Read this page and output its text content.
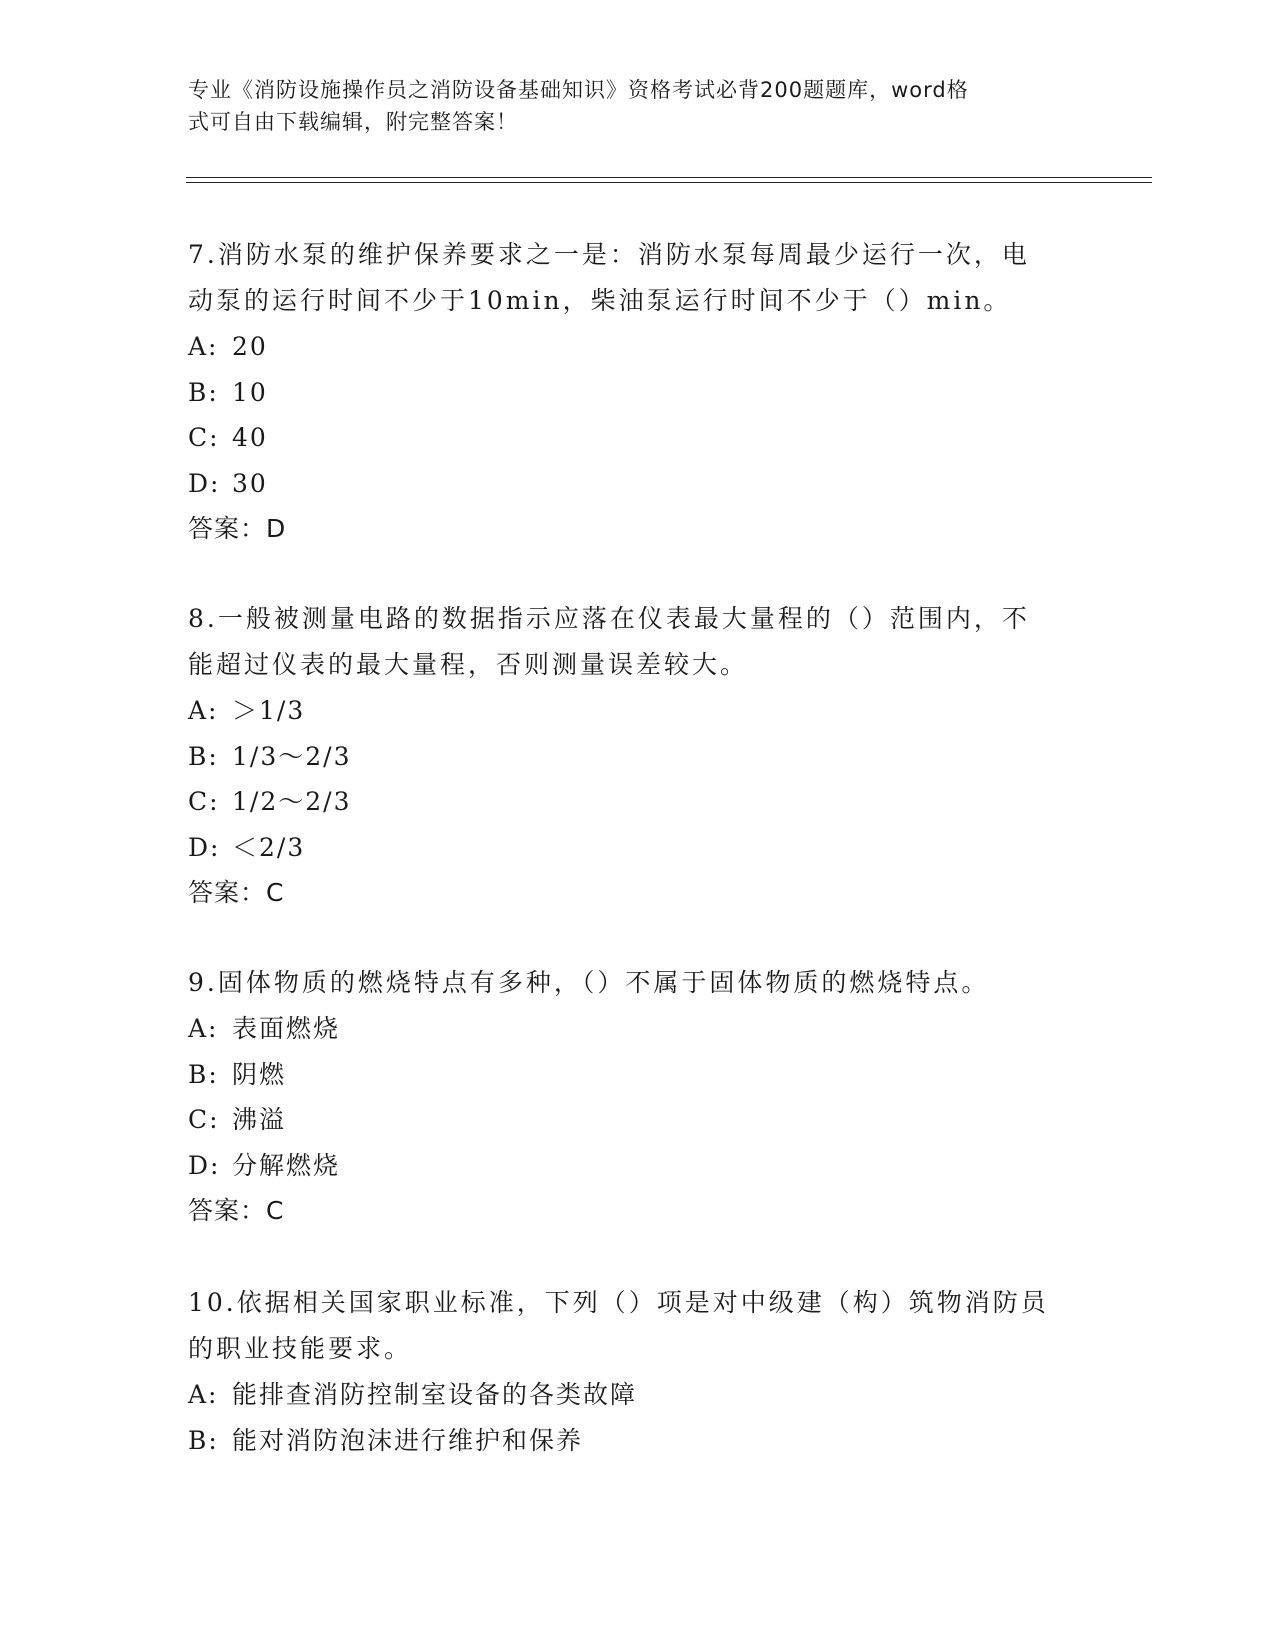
专业《消防设施操作员之消防设备基础知识》资格考试必背200题题库，word格
式可自由下载编辑，附完整答案！

7.消防水泵的维护保养要求之一是：消防水泵每周最少运行一次，电

动泵的运行时间不少于10min，柴油泵运行时间不少于（）min。

A: 20

B: 10

C: 40

D: 30

答案：D

8.一般被测量电路的数据指示应落在仪表最大量程的（）范围内，不

能超过仪表的最大量程，否则测量误差较大。

A: ＞1/3

B: 1/3～2/3

C: 1/2～2/3

D: ＜2/3

答案：C

9.固体物质的燃烧特点有多种，（）不属于固体物质的燃烧特点。

A: 表面燃烧

B: 阴燃

C: 沸溢

D: 分解燃烧

答案：C

10.依据相关国家职业标准，下列（）项是对中级建（构）筑物消防员

的职业技能要求。

A: 能排查消防控制室设备的各类故障

B: 能对消防泡沫进行维护和保养
